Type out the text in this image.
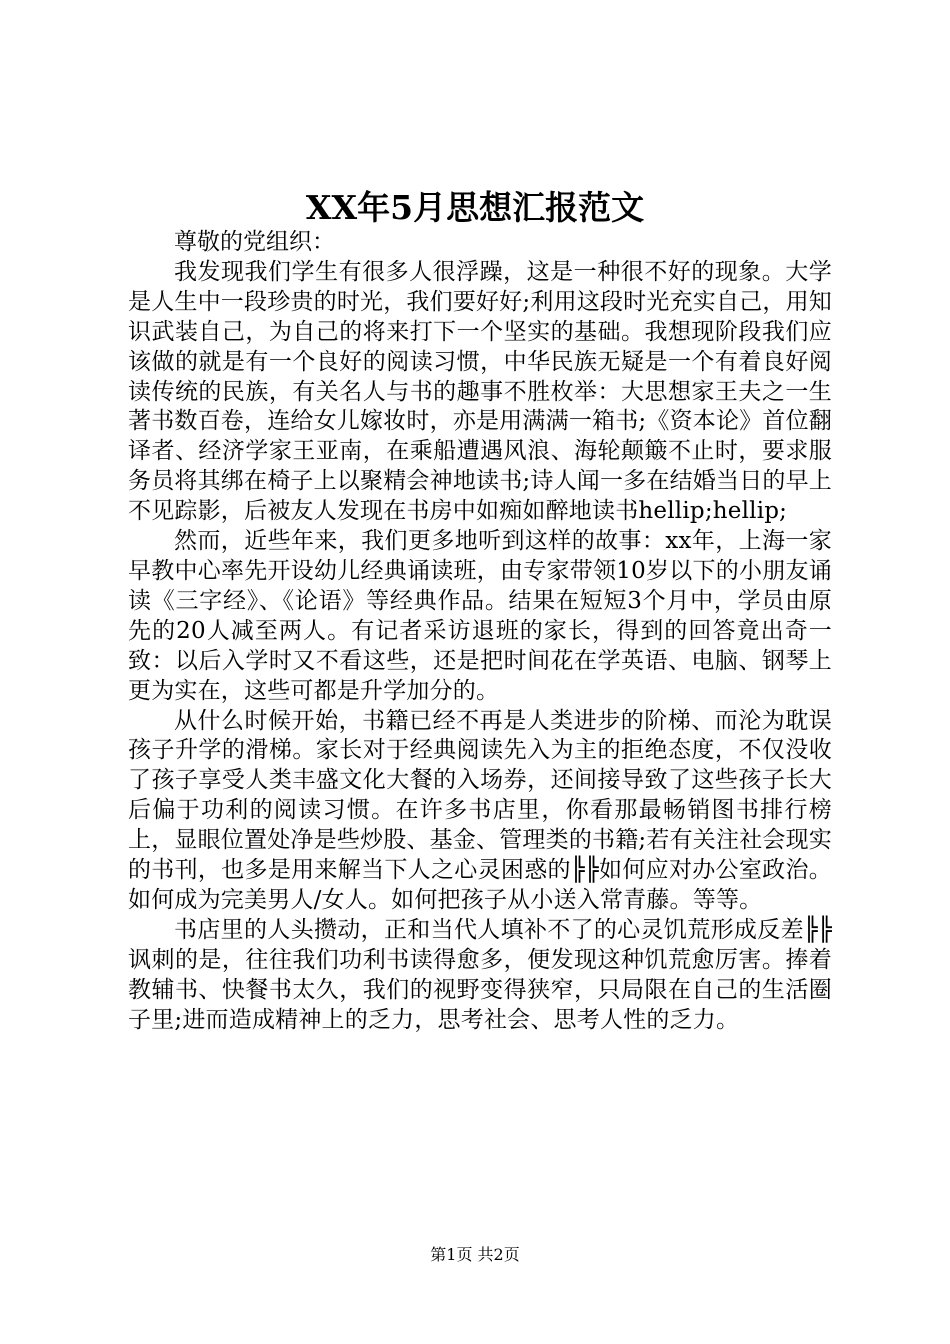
XX年5月思想汇报范文

尊敬的党组织：

我发现我们学生有很多人很浮躁，这是一种很不好的现象。大学是人生中一段珍贵的时光，我们要好好;利用这段时光充实自己，用知识武装自己，为自己的将来打下一个坚实的基础。我想现阶段我们应该做的就是有一个良好的阅读习惯，中华民族无疑是一个有着良好阅读传统的民族，有关名人与书的趣事不胜枚举：大思想家王夫之一生著书数百卷，连给女儿嫁妆时，亦是用满满一箱书;《资本论》首位翻译者、经济学家王亚南，在乘船遭遇风浪、海轮颠簸不止时，要求服务员将其绑在椅子上以聚精会神地读书;诗人闻一多在结婚当日的早上不见踪影，后被友人发现在书房中如痴如醉地读书hellip;hellip;

然而，近些年来，我们更多地听到这样的故事：xx年，上海一家早教中心率先开设幼儿经典诵读班，由专家带领10岁以下的小朋友诵读《三字经》、《论语》等经典作品。结果在短短3个月中，学员由原先的20人减至两人。有记者采访退班的家长，得到的回答竟出奇一致：以后入学时又不看这些，还是把时间花在学英语、电脑、钢琴上更为实在，这些可都是升学加分的。

从什么时候开始，书籍已经不再是人类进步的阶梯、而沦为耽误孩子升学的滑梯。家长对于经典阅读先入为主的拒绝态度，不仅没收了孩子享受人类丰盛文化大餐的入场券，还间接导致了这些孩子长大后偏于功利的阅读习惯。在许多书店里，你看那最畅销图书排行榜上，显眼位置处净是些炒股、基金、管理类的书籍;若有关注社会现实的书刊，也多是用来解当下人之心灵困惑的╠╠如何应对办公室政治。如何成为完美男人/女人。如何把孩子从小送入常青藤。等等。

书店里的人头攒动，正和当代人填补不了的心灵饥荒形成反差╠╠讽刺的是，往往我们功利书读得愈多，便发现这种饥荒愈厉害。捧着教辅书、快餐书太久，我们的视野变得狭窄，只局限在自己的生活圈子里;进而造成精神上的乏力，思考社会、思考人性的乏力。

第1页 共2页
